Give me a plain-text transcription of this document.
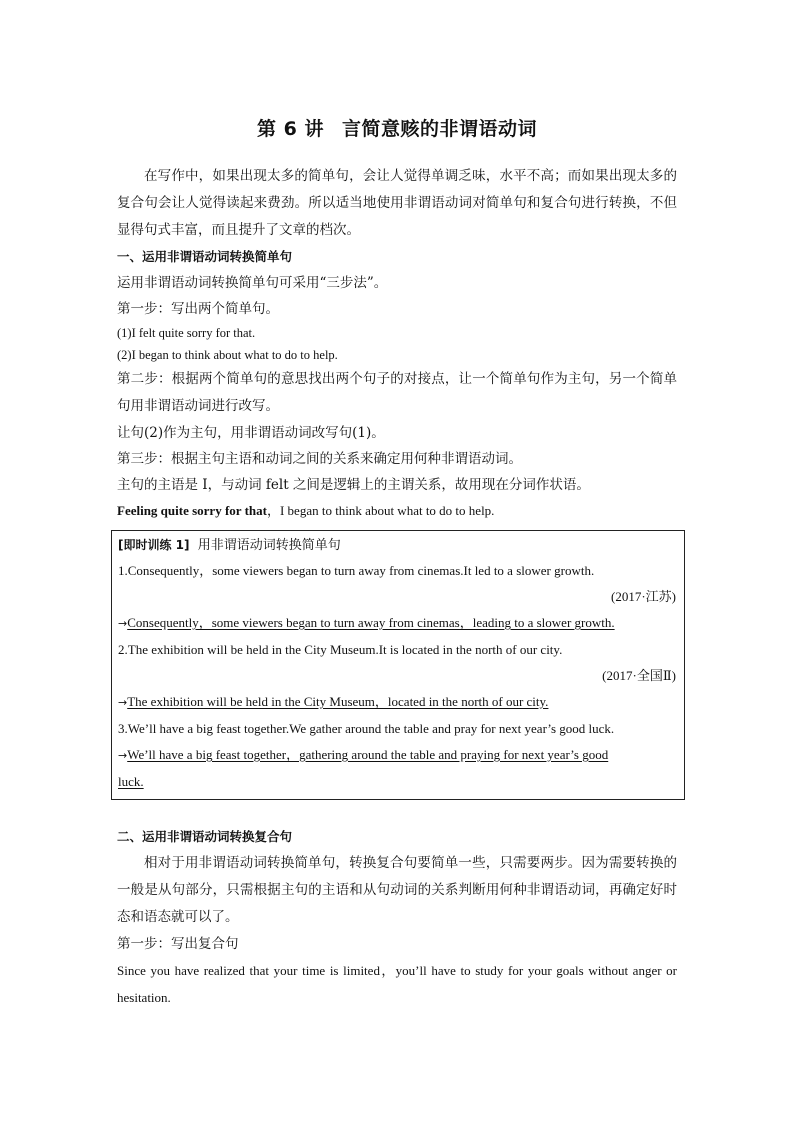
第 6 讲 言简意赅的非谓语动词

在写作中，如果出现太多的简单句，会让人觉得单调乏味，水平不高；而如果出现太多的复合句会让人觉得读起来费劲。所以适当地使用非谓语动词对简单句和复合句进行转换，不但显得句式丰富，而且提升了文章的档次。

一、运用非谓语动词转换简单句

运用非谓语动词转换简单句可采用“三步法”。

第一步：写出两个简单句。

(1)I felt quite sorry for that.

(2)I began to think about what to do to help.

第二步：根据两个简单句的意思找出两个句子的对接点，让一个简单句作为主句，另一个简单句用非谓语动词进行改写。

让句(2)作为主句，用非谓语动词改写句(1)。

第三步：根据主句主语和动词之间的关系来确定用何种非谓语动词。

主句的主语是 I，与动词 felt 之间是逻辑上的主谓关系，故用现在分词作状语。

Feeling quite sorry for that，I began to think about what to do to help.

[即时训练 1] 用非谓语动词转换简单句

1.Consequently，some viewers began to turn away from cinemas.It led to a slower growth.

(2017·江苏)

→Consequently，some viewers began to turn away from cinemas，leading to a slower growth.

2.The exhibition will be held in the City Museum.It is located in the north of our city.

(2017·全国Ⅱ)

→The exhibition will be held in the City Museum，located in the north of our city.

3.We’ll have a big feast together.We gather around the table and pray for next year’s good luck.

→We’ll have a big feast together，gathering around the table and praying for next year’s good

luck.

二、运用非谓语动词转换复合句

相对于用非谓语动词转换简单句，转换复合句要简单一些，只需要两步。因为需要转换的一般是从句部分，只需根据主句的主语和从句动词的关系判断用何种非谓语动词，再确定好时态和语态就可以了。

第一步：写出复合句

Since you have realized that your time is limited，you’ll have to study for your goals without anger or hesitation.
